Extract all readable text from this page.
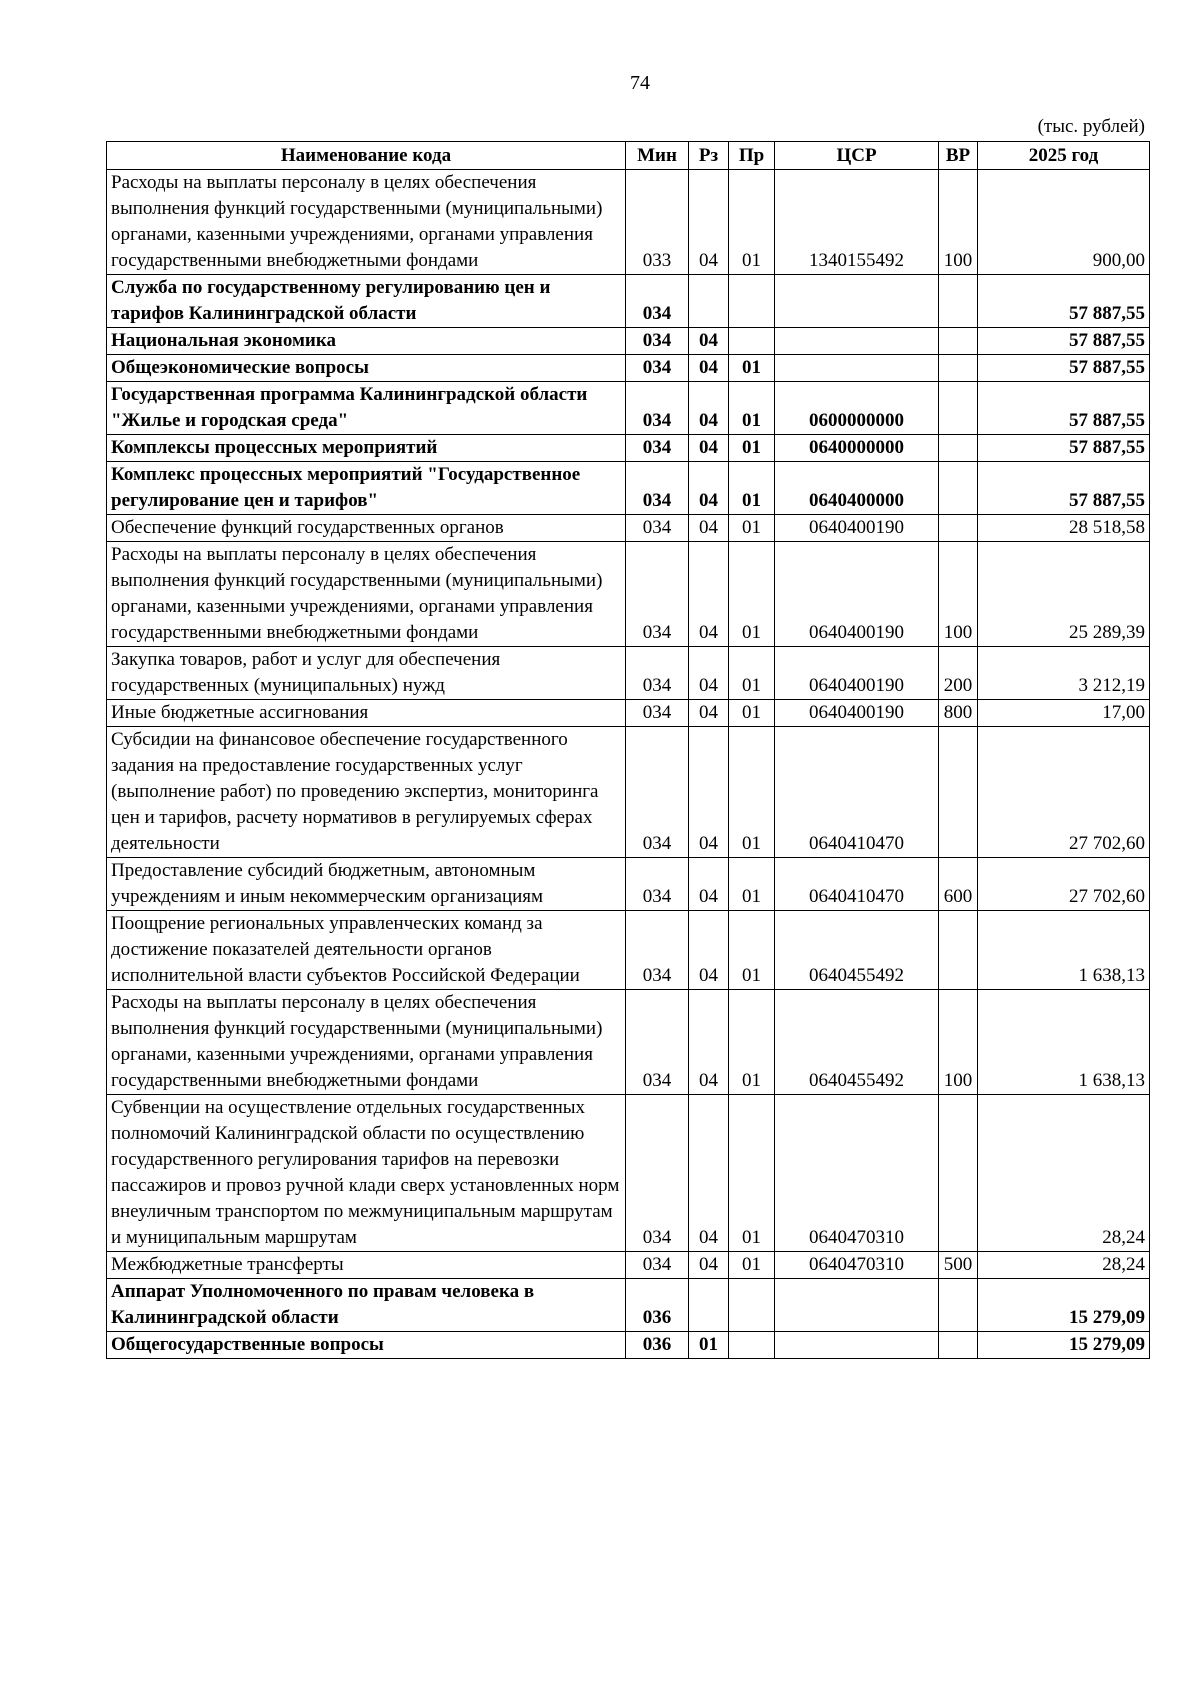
74
(тыс. рублей)
Наименование кода	Мин	Рз	Пр	ЦСР	ВР	2025 год
Расходы на выплаты персоналу в целях обеспечения выполнения функций государственными (муниципальными) органами, казенными учреждениями, органами управления государственными внебюджетными фондами	033	04	01	1340155492	100	900,00
Служба по государственному регулированию цен и тарифов Калининградской области	034					57 887,55
Национальная экономика	034	04				57 887,55
Общеэкономические вопросы	034	04	01			57 887,55
Государственная программа Калининградской области "Жилье и городская среда"	034	04	01	0600000000		57 887,55
Комплексы процессных мероприятий	034	04	01	0640000000		57 887,55
Комплекс процессных мероприятий "Государственное регулирование цен и тарифов"	034	04	01	0640400000		57 887,55
Обеспечение функций государственных органов	034	04	01	0640400190		28 518,58
Расходы на выплаты персоналу в целях обеспечения выполнения функций государственными (муниципальными) органами, казенными учреждениями, органами управления государственными внебюджетными фондами	034	04	01	0640400190	100	25 289,39
Закупка товаров, работ и услуг для обеспечения государственных (муниципальных) нужд	034	04	01	0640400190	200	3 212,19
Иные бюджетные ассигнования	034	04	01	0640400190	800	17,00
Субсидии на финансовое обеспечение государственного задания на предоставление государственных услуг (выполнение работ) по проведению экспертиз, мониторинга цен и тарифов, расчету нормативов в регулируемых сферах деятельности	034	04	01	0640410470		27 702,60
Предоставление субсидий бюджетным, автономным учреждениям и иным некоммерческим организациям	034	04	01	0640410470	600	27 702,60
Поощрение региональных управленческих команд за достижение показателей деятельности органов исполнительной власти субъектов Российской Федерации	034	04	01	0640455492		1 638,13
Расходы на выплаты персоналу в целях обеспечения выполнения функций государственными (муниципальными) органами, казенными учреждениями, органами управления государственными внебюджетными фондами	034	04	01	0640455492	100	1 638,13
Субвенции на осуществление отдельных государственных полномочий Калининградской области по осуществлению государственного регулирования тарифов на перевозки пассажиров и провоз ручной клади сверх установленных норм внеуличным транспортом по межмуниципальным маршрутам и муниципальным маршрутам	034	04	01	0640470310		28,24
Межбюджетные трансферты	034	04	01	0640470310	500	28,24
Аппарат Уполномоченного по правам человека в Калининградской области	036					15 279,09
Общегосударственные вопросы	036	01				15 279,09
